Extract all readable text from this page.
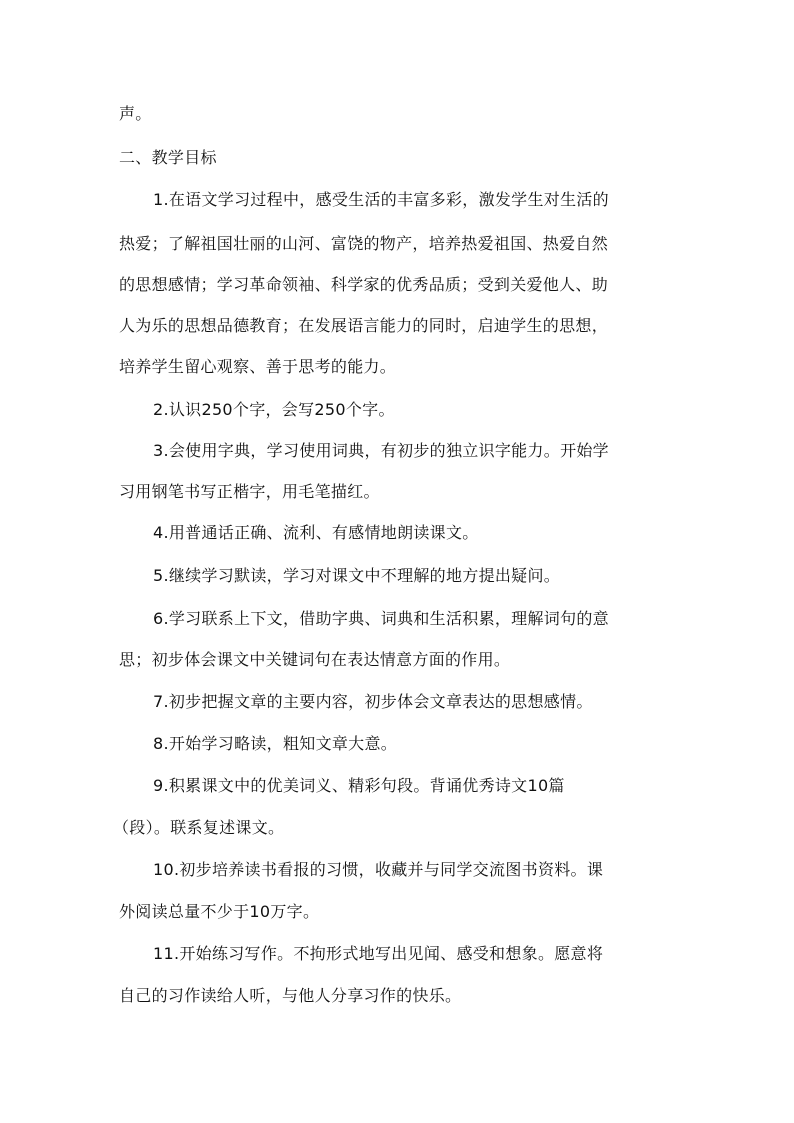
声。
二、教学目标
1.在语文学习过程中，感受生活的丰富多彩，激发学生对生活的
热爱；了解祖国壮丽的山河、富饶的物产，培养热爱祖国、热爱自然
的思想感情；学习革命领袖、科学家的优秀品质；受到关爱他人、助
人为乐的思想品德教育；在发展语言能力的同时，启迪学生的思想，
培养学生留心观察、善于思考的能力。
2.认识250个字，会写250个字。
3.会使用字典，学习使用词典，有初步的独立识字能力。开始学
习用钢笔书写正楷字，用毛笔描红。
4.用普通话正确、流利、有感情地朗读课文。
5.继续学习默读，学习对课文中不理解的地方提出疑问。
6.学习联系上下文，借助字典、词典和生活积累，理解词句的意
思；初步体会课文中关键词句在表达情意方面的作用。
7.初步把握文章的主要内容，初步体会文章表达的思想感情。
8.开始学习略读，粗知文章大意。
9.积累课文中的优美词义、精彩句段。背诵优秀诗文10篇
（段）。联系复述课文。
10.初步培养读书看报的习惯，收藏并与同学交流图书资料。课
外阅读总量不少于10万字。
11.开始练习写作。不拘形式地写出见闻、感受和想象。愿意将
自己的习作读给人听，与他人分享习作的快乐。
